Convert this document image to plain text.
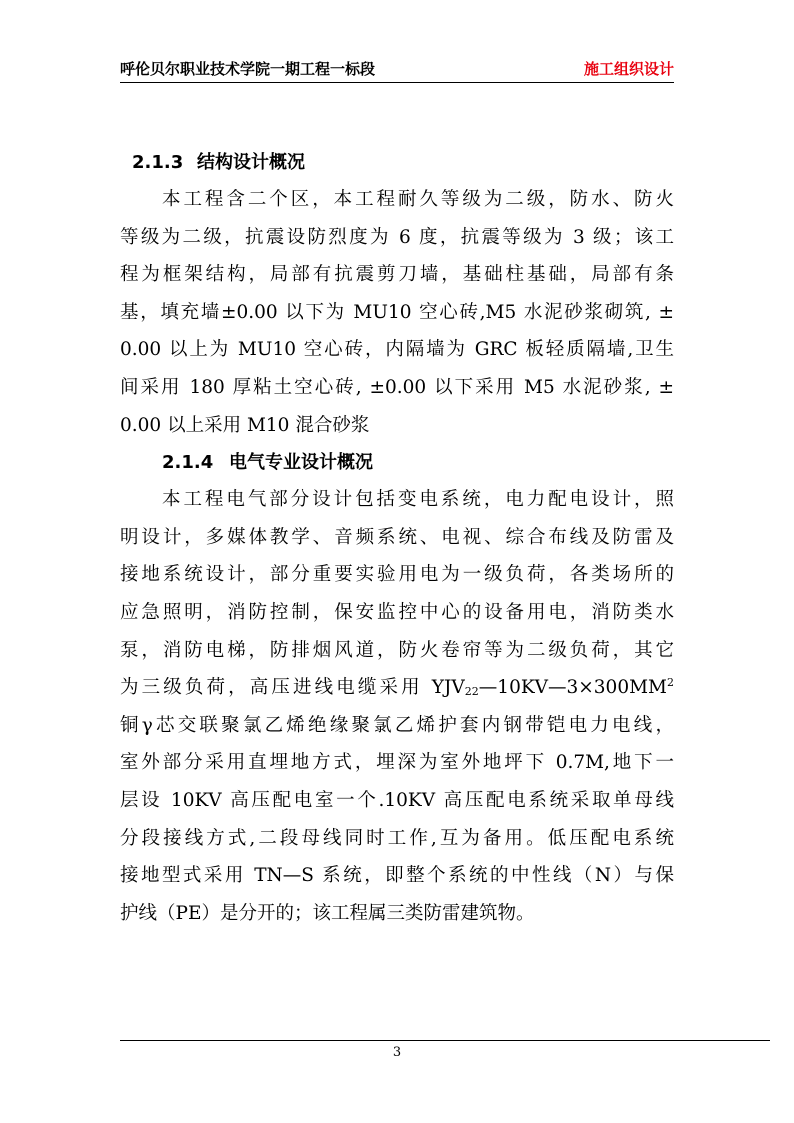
呼伦贝尔职业技术学院一期工程一标段	施工组织设计
2.1.3 结构设计概况
本工程含二个区，本工程耐久等级为二级，防水、防火
等级为二级，抗震设防烈度为 6 度，抗震等级为 3 级；该工
程为框架结构，局部有抗震剪刀墙，基础柱基础，局部有条
基，填充墙±0.00 以下为 MU10 空心砖,M5 水泥砂浆砌筑, ±
0.00 以上为 MU10 空心砖，内隔墙为 GRC 板轻质隔墙,卫生
间采用 180 厚粘土空心砖, ±0.00 以下采用 M5 水泥砂浆, ±
0.00 以上采用 M10 混合砂浆
2.1.4 电气专业设计概况
本工程电气部分设计包括变电系统，电力配电设计，照
明设计，多媒体教学、音频系统、电视、综合布线及防雷及
接地系统设计，部分重要实验用电为一级负荷，各类场所的
应急照明，消防控制，保安监控中心的设备用电，消防类水
泵，消防电梯，防排烟风道，防火卷帘等为二级负荷，其它
为三级负荷，高压进线电缆采用 $YJV_{22}—10KV—3\times 300MM^2$
铜γ芯交联聚氯乙烯绝缘聚氯乙烯护套内钢带铠电力电线，
室外部分采用直埋地方式，埋深为室外地坪下 0.7M,地下一
层设 10KV 高压配电室一个.10KV 高压配电系统采取单母线
分段接线方式,二段母线同时工作,互为备用。低压配电系统
接地型式采用 TN—S 系统，即整个系统的中性线（N）与保
护线（PE）是分开的；该工程属三类防雷建筑物。
3
